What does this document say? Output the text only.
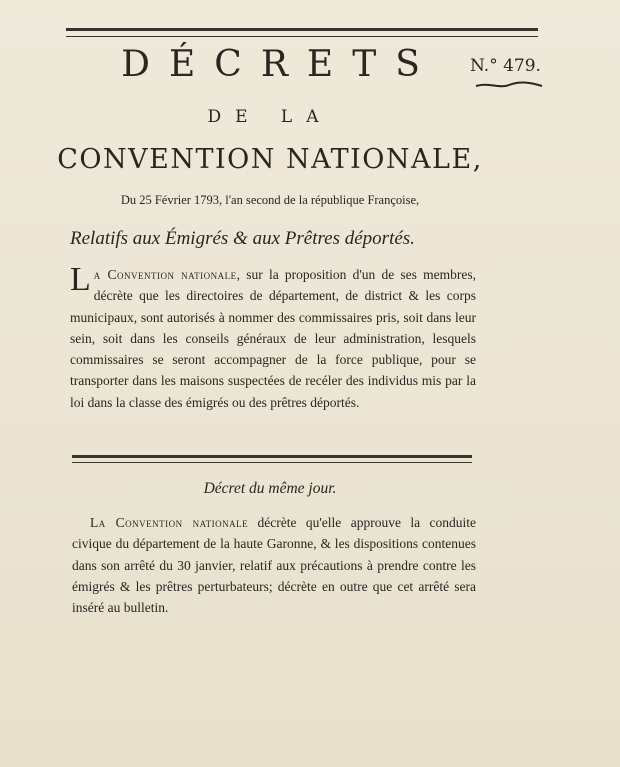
DÉCRETS	N.° 479.
DE LA
CONVENTION NATIONALE,
Du 25 Février 1793, l'an second de la république Françoise,
Relatifs aux Émigrés & aux Prêtres déportés.
La Convention nationale, sur la proposition d'un de ses membres, décrète que les directoires de département, de district & les corps municipaux, sont autorisés à nommer des commissaires pris, soit dans leur sein, soit dans les conseils généraux de leur administration, lesquels commissaires se seront accompagner de la force publique, pour se transporter dans les maisons suspectées de recéler des individus mis par la loi dans la classe des émigrés ou des prêtres déportés.
Décret du même jour.
La Convention nationale décrète qu'elle approuve la conduite civique du département de la haute Garonne, & les dispositions contenues dans son arrêté du 30 janvier, relatif aux précautions à prendre contre les émigrés & les prêtres perturbateurs; décrète en outre que cet arrêté sera inséré au bulletin.
